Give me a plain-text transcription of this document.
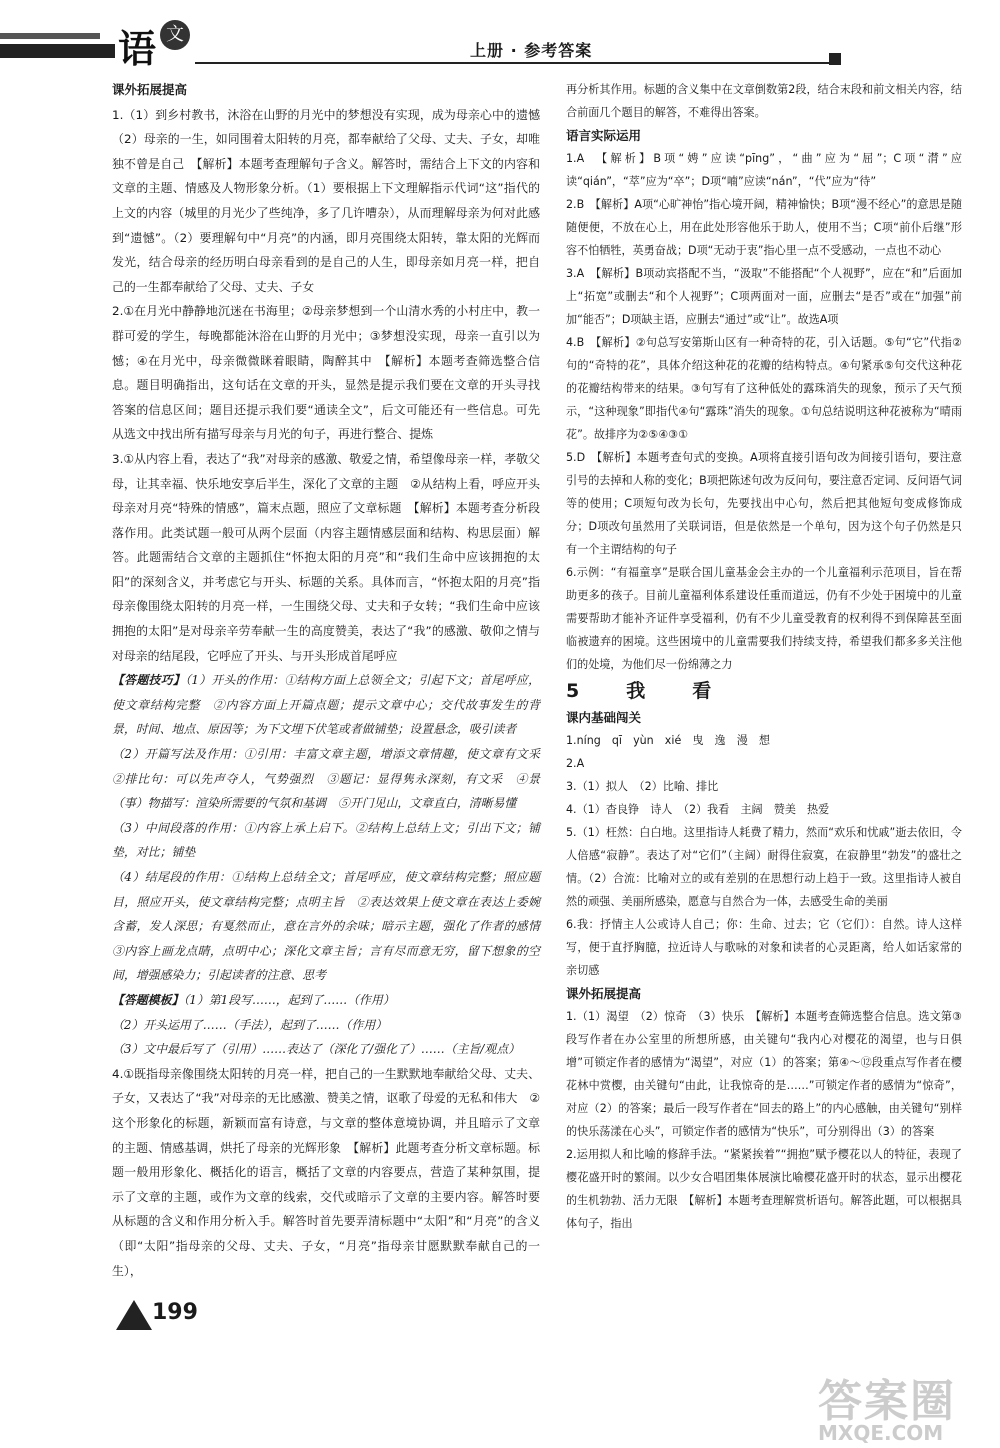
语 文
上册 · 参考答案

课外拓展提高

1.（1）到乡村教书，沐浴在山野的月光中的梦想没有实现，成为母亲心中的遗憾　（2）母亲的一生，如同围着太阳转的月亮，都奉献给了父母、丈夫、子女，却唯独不曾是自己　【解析】本题考查理解句子含义。解答时，需结合上下文的内容和文章的主题、情感及人物形象分析。（1）要根据上下文理解指示代词“这”指代的上文的内容（城里的月光少了些纯净，多了几许嘈杂），从而理解母亲为何对此感到“遗憾”。（2）要理解句中“月亮”的内涵，即月亮围绕太阳转，靠太阳的光辉而发光，结合母亲的经历明白母亲看到的是自己的人生，即母亲如月亮一样，把自己的一生都奉献给了父母、丈夫、子女

2.①在月光中静静地沉迷在书海里；②母亲梦想到一个山清水秀的小村庄中，教一群可爱的学生，每晚都能沐浴在山野的月光中；③梦想没实现，母亲一直引以为憾；④在月光中，母亲微微眯着眼睛，陶醉其中　【解析】本题考查筛选整合信息。题目明确指出，这句话在文章的开头，显然是提示我们要在文章的开头寻找答案的信息区间；题目还提示我们要“通读全文”，后文可能还有一些信息。可先从选文中找出所有描写母亲与月光的句子，再进行整合、提炼

3.①从内容上看，表达了“我”对母亲的感激、敬爱之情，希望像母亲一样，孝敬父母，让其幸福、快乐地安享后半生，深化了文章的主题　②从结构上看，呼应开头母亲对月亮“特殊的情感”，篇末点题，照应了文章标题　【解析】本题考查分析段落作用。此类试题一般可从两个层面（内容主题情感层面和结构、构思层面）解答。此题需结合文章的主题抓住“怀抱太阳的月亮”和“我们生命中应该拥抱的太阳”的深刻含义，并考虑它与开头、标题的关系。具体而言，“怀抱太阳的月亮”指母亲像围绕太阳转的月亮一样，一生围绕父母、丈夫和子女转；“我们生命中应该拥抱的太阳”是对母亲辛劳奉献一生的高度赞美，表达了“我”的感激、敬仰之情与对母亲的结尾段，它呼应了开头、与开头形成首尾呼应

【答题技巧】（1）开头的作用：①结构方面上总领全文；引起下文；首尾呼应，使文章结构完整　②内容方面上开篇点题；提示文章中心；交代故事发生的背景，时间、地点、原因等；为下文埋下伏笔或者做铺垫；设置悬念，吸引读者

（2）开篇写法及作用：①引用：丰富文章主题，增添文章情趣，使文章有文采　②排比句：可以先声夺人，气势强烈　③题记：显得隽永深刻，有文采　④景（事）物描写：渲染所需要的气氛和基调　⑤开门见山，文章直白，清晰易懂

（3）中间段落的作用：①内容上承上启下。②结构上总结上文；引出下文；铺垫，对比；铺垫

（4）结尾段的作用：①结构上总结全文；首尾呼应，使文章结构完整；照应题目，照应开头，使文章结构完整；点明主旨　②表达效果上使文章在表达上委婉含蓄，发人深思；有戛然而止，意在言外的余味；暗示主题，强化了作者的感情　③内容上画龙点睛，点明中心；深化文章主旨；言有尽而意无穷，留下想象的空间，增强感染力；引起读者的注意、思考

【答题模板】（1）第1段写……，起到了……（作用）

（2）开头运用了……（手法），起到了……（作用）

（3）文中最后写了（引用）……表达了（深化了/强化了）……（主旨/观点）

4.①既指母亲像围绕太阳转的月亮一样，把自己的一生默默地奉献给父母、丈夫、子女，又表达了“我”对母亲的无比感激、赞美之情，讴歌了母爱的无私和伟大　②这个形象化的标题，新颖而富有诗意，与文章的整体意境协调，并且暗示了文章的主题、情感基调，烘托了母亲的光辉形象　【解析】此题考查分析文章标题。标题一般用形象化、概括化的语言，概括了文章的内容要点，营造了某种氛围，提示了文章的主题，或作为文章的线索，交代或暗示了文章的主要内容。解答时要从标题的含义和作用分析入手。解答时首先要弄清标题中“太阳”和“月亮”的含义（即“太阳”指母亲的父母、丈夫、子女，“月亮”指母亲甘愿默默奉献自己的一生），

再分析其作用。标题的含义集中在文章倒数第2段，结合末段和前文相关内容，结合前面几个题目的解答，不难得出答案。

语言实际运用

1.A　【解析】B项“娉”应读“pīng”，“曲”应为“屈”；C项“潸”应读“qián”，“萃”应为“卒”；D项“喃”应读“nán”，“代”应为“待”

2.B　【解析】A项“心旷神怡”指心境开阔，精神愉快；B项“漫不经心”的意思是随随便便，不放在心上，用在此处形容他乐于助人，使用不当；C项“前仆后继”形容不怕牺牲，英勇奋战；D项“无动于衷”指心里一点不受感动，一点也不动心

3.A　【解析】B项动宾搭配不当，“汲取”不能搭配“个人视野”，应在“和”后面加上“拓宽”或删去“和个人视野”；C项两面对一面，应删去“是否”或在“加强”前加“能否”；D项缺主语，应删去“通过”或“让”。故选A项

4.B　【解析】②句总写安第斯山区有一种奇特的花，引入话题。⑤句“它”代指②句的“奇特的花”，具体介绍这种花的花瓣的结构特点。④句紧承⑤句交代这种花的花瓣结构带来的结果。③句写有了这种低处的露珠消失的现象，预示了天气预示，“这种现象”即指代④句“露珠”消失的现象。①句总结说明这种花被称为“晴雨花”。故排序为②⑤④③①

5.D　【解析】本题考查句式的变换。A项将直接引语句改为间接引语句，要注意引号的去掉和人称的变化；B项把陈述句改为反问句，要注意否定词、反问语气词等的使用；C项短句改为长句，先要找出中心句，然后把其他短句变成修饰成分；D项改句虽然用了关联词语，但是依然是一个单句，因为这个句子仍然是只有一个主谓结构的句子

6.示例：“有福童享”是联合国儿童基金会主办的一个儿童福利示范项目，旨在帮助更多的孩子。目前儿童福利体系建设任重而道远，仍有不少处于困境中的儿童需要帮助才能补齐证件享受福利，仍有不少儿童受教育的权利得不到保障甚至面临被遗弃的困境。这些困境中的儿童需要我们持续支持，希望我们都多多关注他们的处境，为他们尽一份绵薄之力

5　我　看

课内基础闯关

1.níng　qī　yùn　xié　曳　逸　漫　想

2.A

3.（1）拟人　（2）比喻、排比

4.（1）杳良铮　诗人　（2）我看　主阔　赞美　热爱

5.（1）枉然：白白地。这里指诗人耗费了精力，然而“欢乐和忧戚”逝去依旧，令人倍感“寂静”。表达了对“它们”（主阔）耐得住寂寞，在寂静里“勃发”的盛壮之情。（2）合流：比喻对立的或有差别的在思想行动上趋于一致。这里指诗人被自然的顽强、美丽所感染，愿意与自然合为一体，去感受生命的美丽

6.我：抒情主人公或诗人自己；你：生命、过去；它（它们）：自然。诗人这样写，便于直抒胸臆，拉近诗人与歌咏的对象和读者的心灵距离，给人如话家常的亲切感

课外拓展提高

1.（1）渴望　（2）惊奇　（3）快乐　【解析】本题考查筛选整合信息。选文第③段写作者在办公室里的所想所感，由关键句“我内心对樱花的渴望，也与日俱增”可锁定作者的感情为“渴望”，对应（1）的答案；第④～⑫段重点写作者在樱花林中赏樱，由关键句“由此，让我惊奇的是……”可锁定作者的感情为“惊奇”，对应（2）的答案；最后一段写作者在“回去的路上”的内心感触，由关键句“别样的快乐荡漾在心头”，可锁定作者的感情为“快乐”，可分别得出（3）的答案

2.运用拟人和比喻的修辞手法。“紧紧挨着”“拥抱”赋予樱花以人的特征，表现了樱花盛开时的繁闹。以少女合唱团集体展演比喻樱花盛开时的状态，显示出樱花的生机勃勃、活力无限　【解析】本题考查理解赏析语句。解答此题，可以根据具体句子，指出

199
答案圈
MXQE.COM
